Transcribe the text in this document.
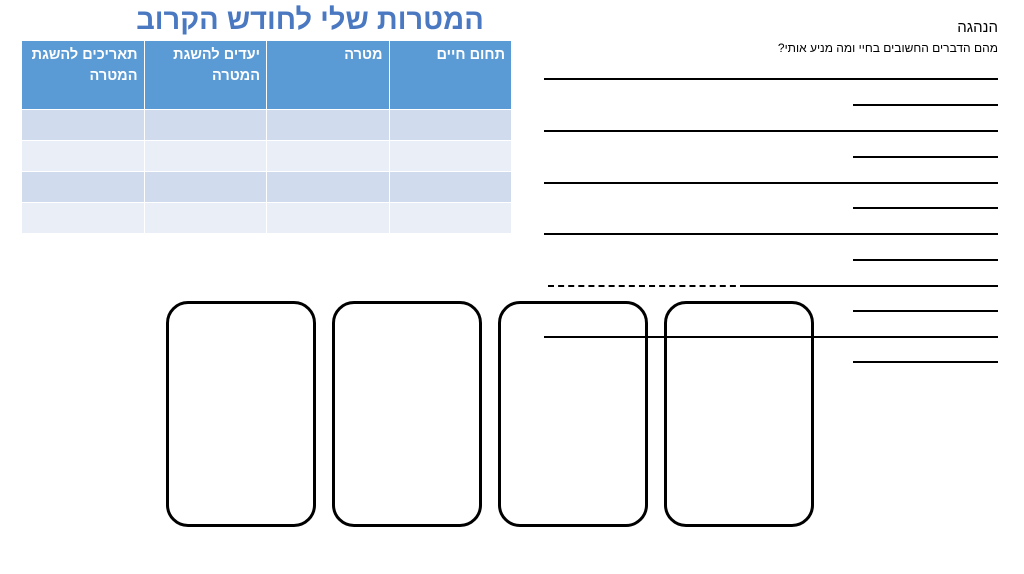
המטרות שלי לחודש הקרוב
תחום חיים	מטרה	יעדים להשגת המטרה	תאריכים להשגת המטרה

הנהגה
מהם הדברים החשובים בחיי ומה מניע אותי?
